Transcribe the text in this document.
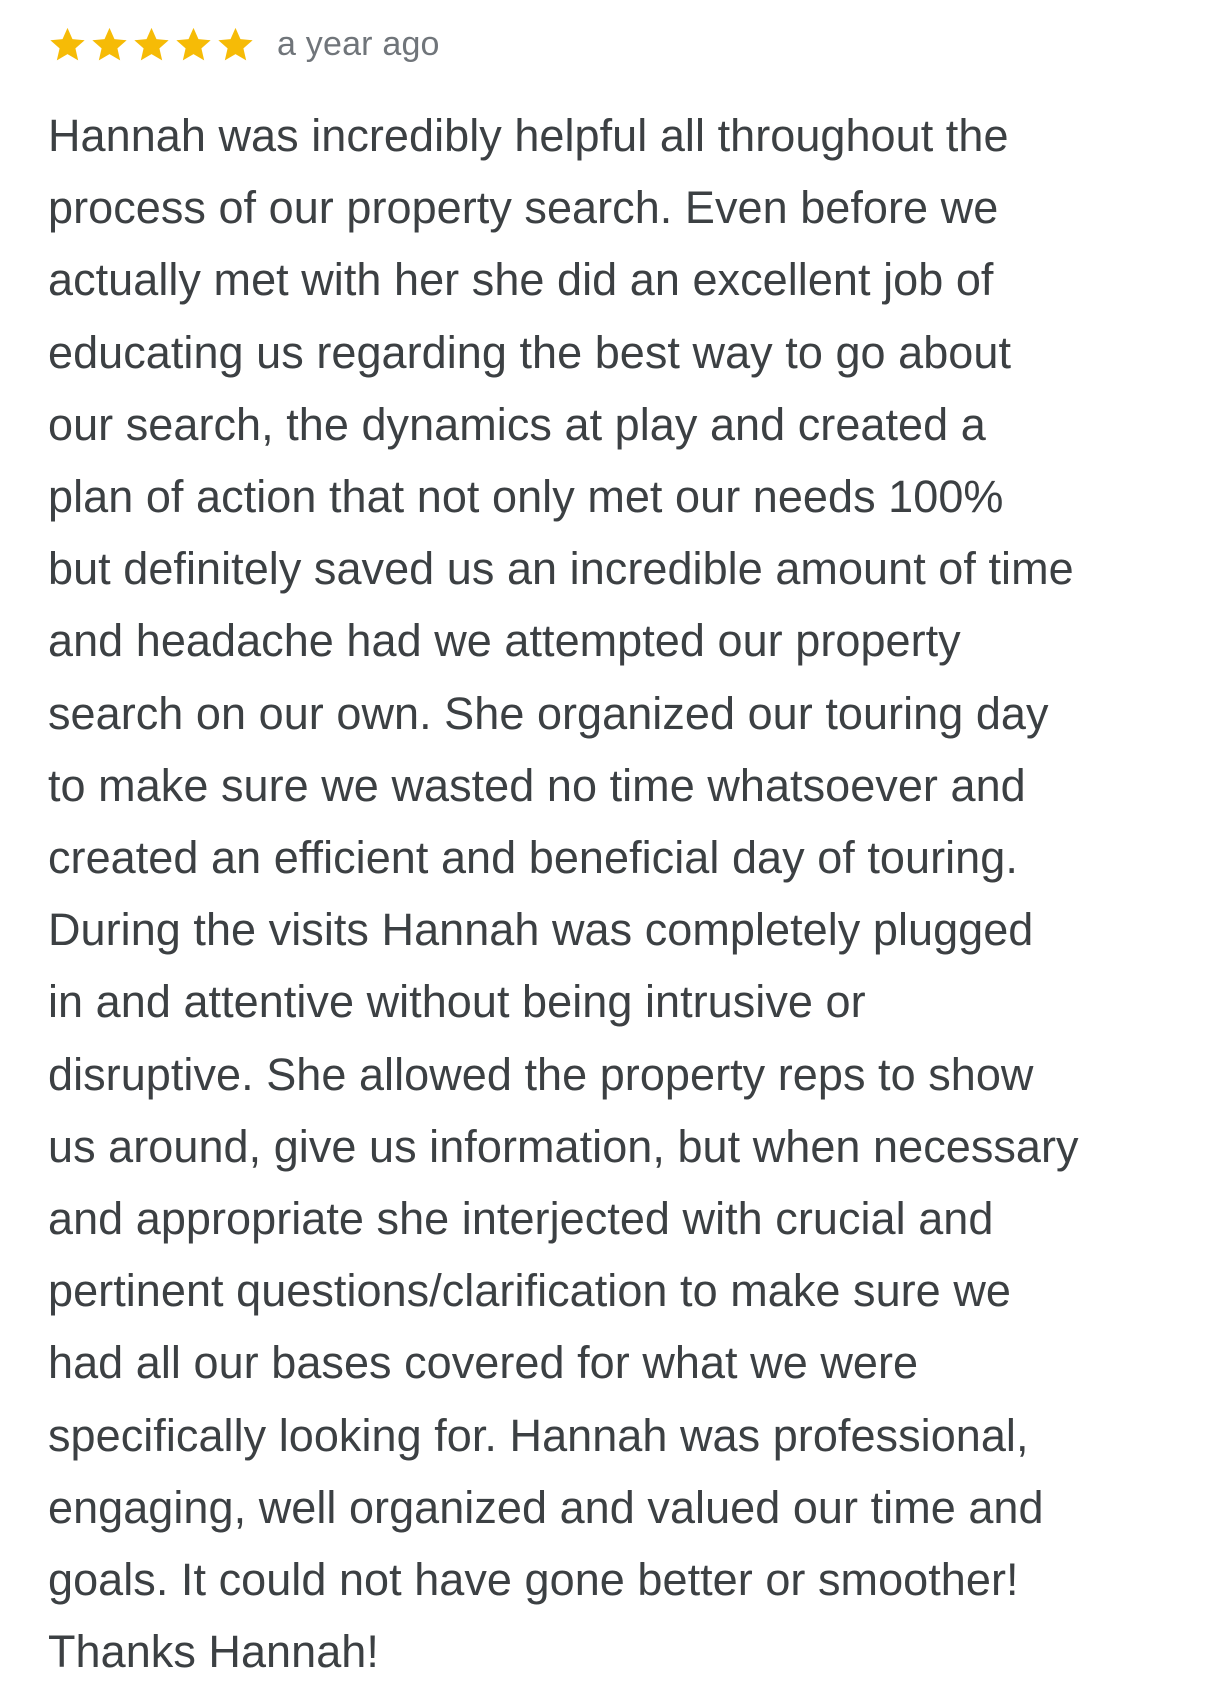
a year ago
Hannah was incredibly helpful all throughout the
process of our property search. Even before we
actually met with her she did an excellent job of
educating us regarding the best way to go about
our search, the dynamics at play and created a
plan of action that not only met our needs 100%
but definitely saved us an incredible amount of time
and headache had we attempted our property
search on our own. She organized our touring day
to make sure we wasted no time whatsoever and
created an efficient and beneficial day of touring.
During the visits Hannah was completely plugged
in and attentive without being intrusive or
disruptive. She allowed the property reps to show
us around, give us information, but when necessary
and appropriate she interjected with crucial and
pertinent questions/clarification to make sure we
had all our bases covered for what we were
specifically looking for. Hannah was professional,
engaging, well organized and valued our time and
goals. It could not have gone better or smoother!
Thanks Hannah!
